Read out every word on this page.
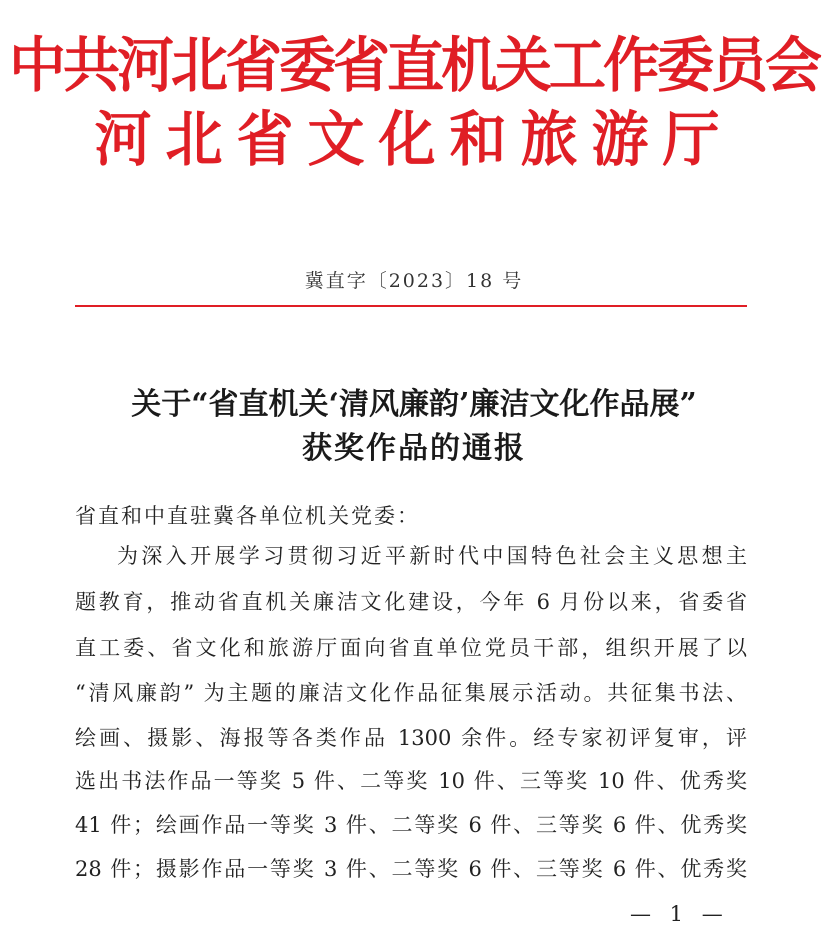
中共河北省委省直机关工作委员会
河北省文化和旅游厅
冀直字〔2023〕18 号
关于“省直机关‘清风廉韵’廉洁文化作品展”
获奖作品的通报
省直和中直驻冀各单位机关党委：
为深入开展学习贯彻习近平新时代中国特色社会主义思想主
题教育，推动省直机关廉洁文化建设，今年 6 月份以来，省委省
直工委、省文化和旅游厅面向省直单位党员干部，组织开展了以
“清风廉韵” 为主题的廉洁文化作品征集展示活动。共征集书法、
绘画、摄影、海报等各类作品 1300 余件。经专家初评复审，评
选出书法作品一等奖 5 件、二等奖 10 件、三等奖 10 件、优秀奖
41 件；绘画作品一等奖 3 件、二等奖 6 件、三等奖 6 件、优秀奖
28 件；摄影作品一等奖 3 件、二等奖 6 件、三等奖 6 件、优秀奖
— 1 —
